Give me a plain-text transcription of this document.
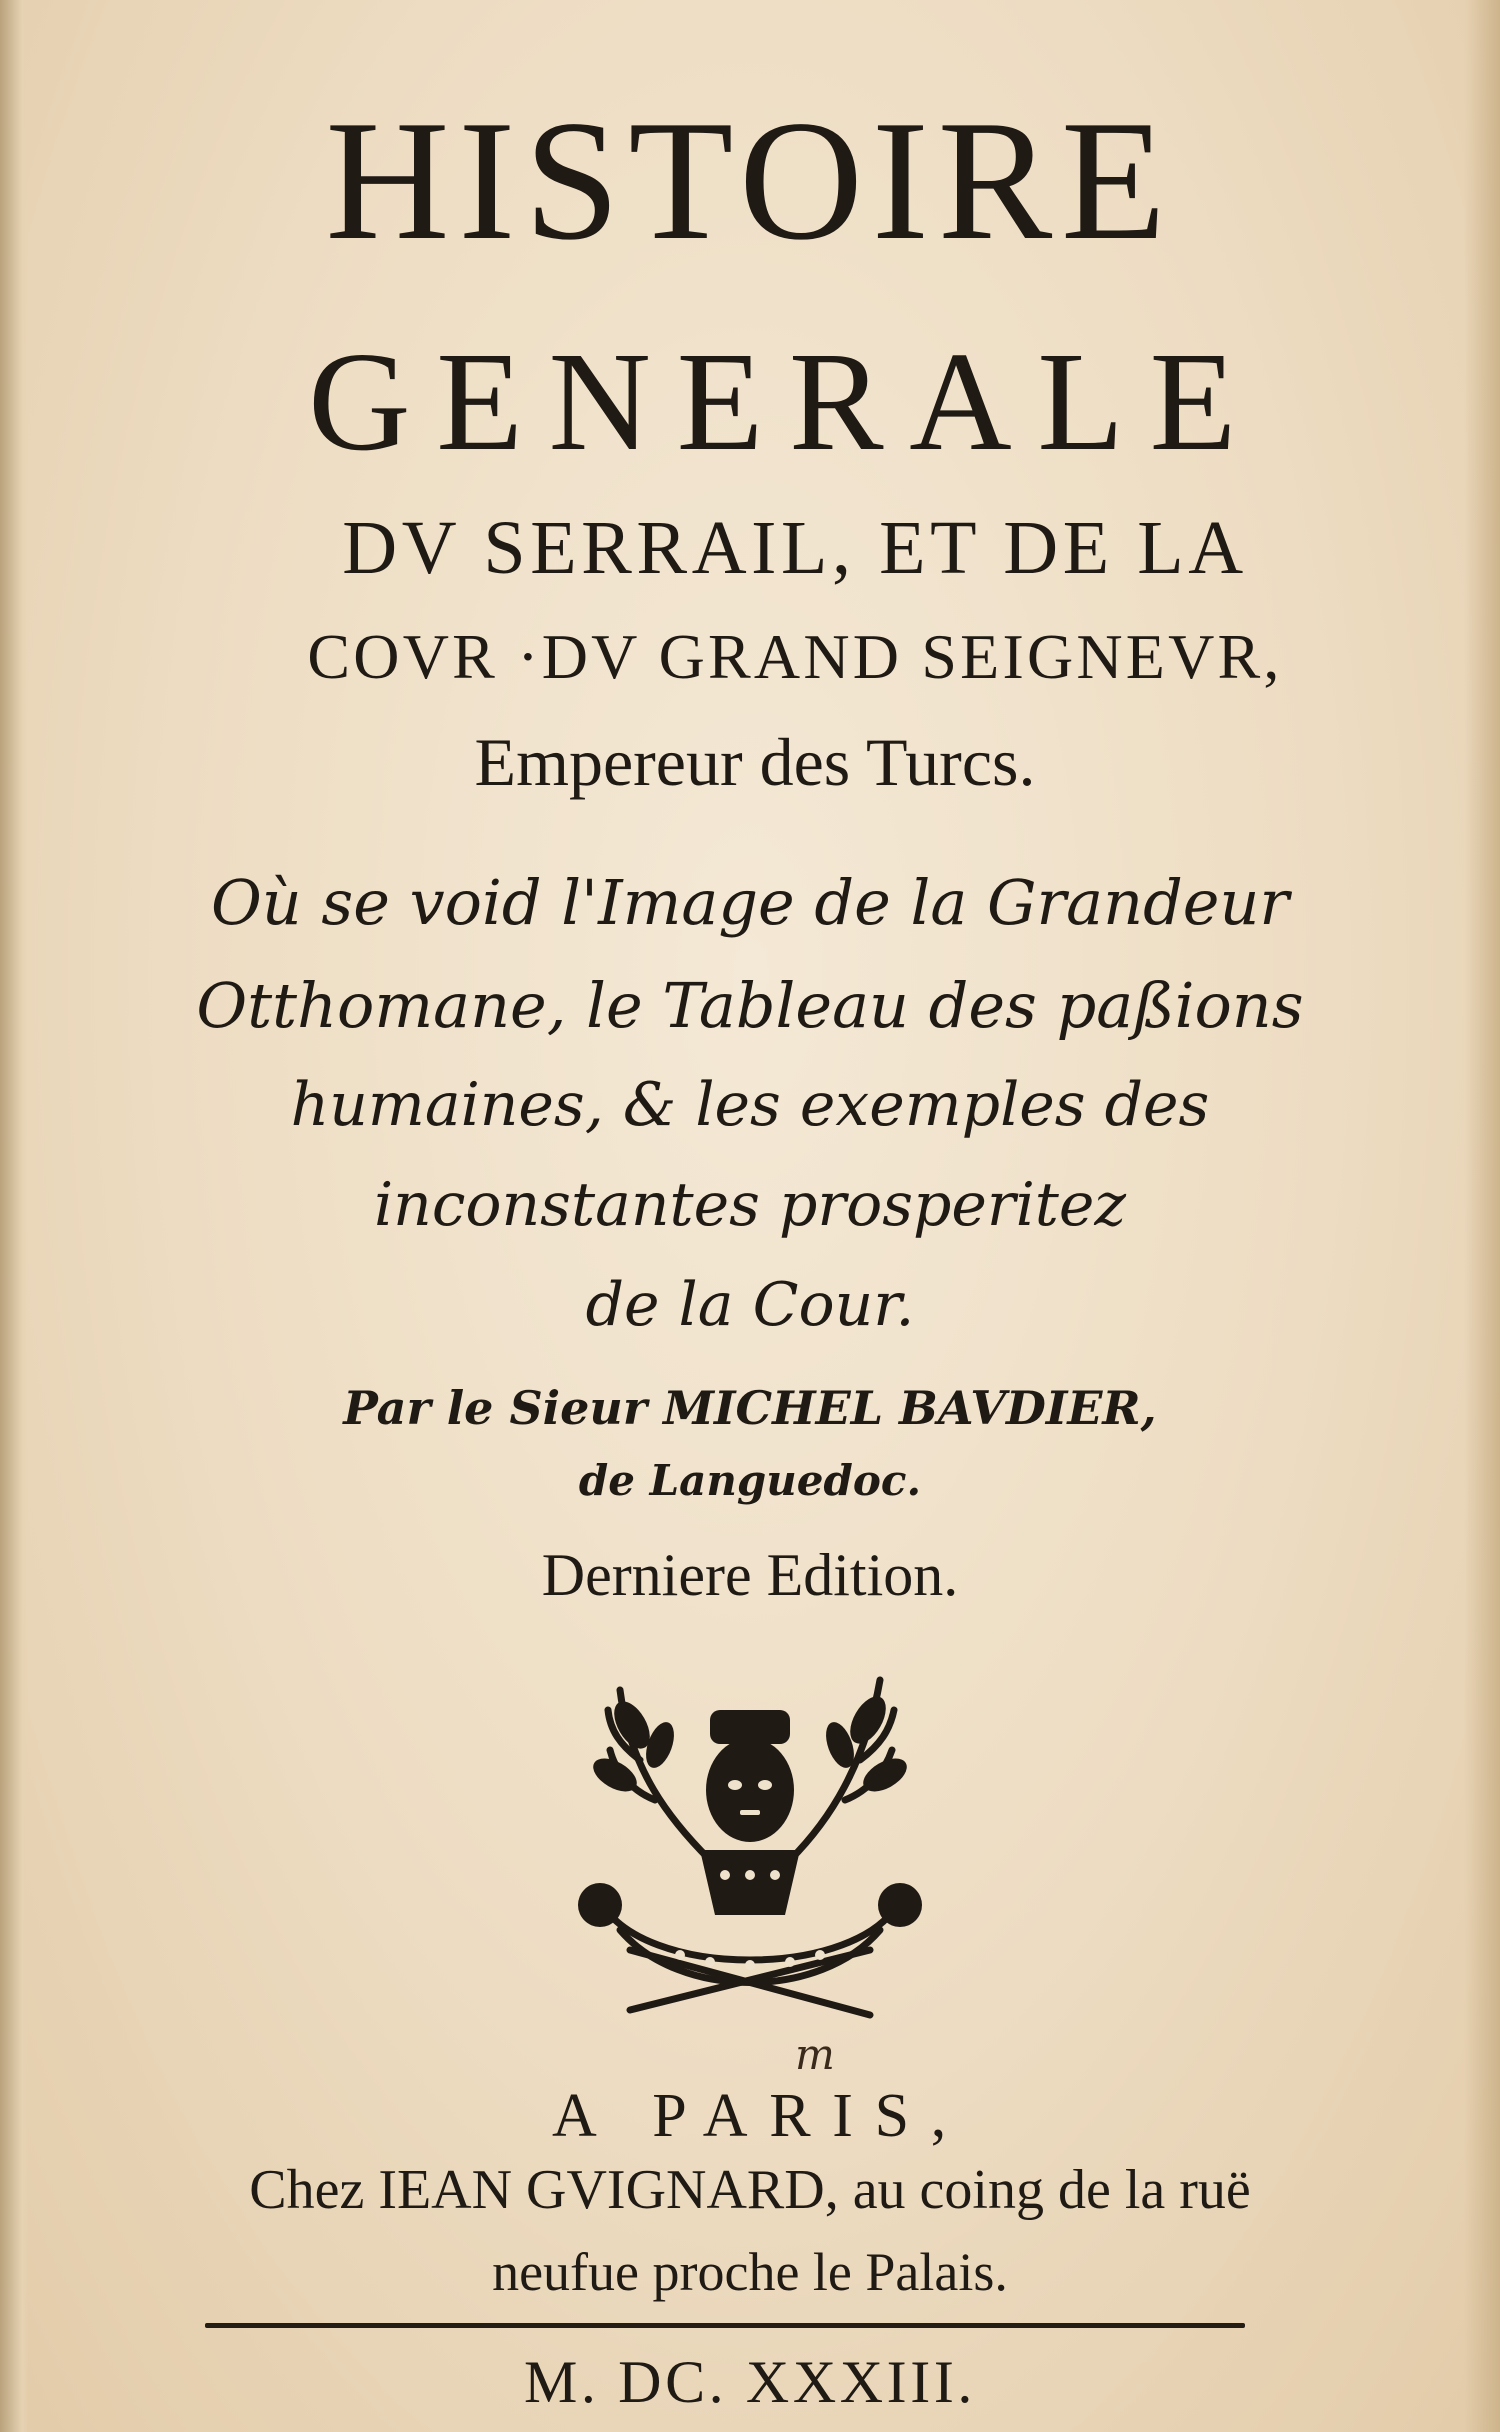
HISTOIRE
GENERALE
DV SERRAIL, ET DE LA
COVR ·DV GRAND SEIGNEVR,
Empereur des Turcs.
Où se void l'Image de la Grandeur
Otthomane, le Tableau des paßions
humaines, & les exemples des
inconstantes prosperitez
de la Cour.
Par le Sieur MICHEL BAVDIER,
de Languedoc.
Derniere Edition.
m
A PARIS,
Chez IEAN GVIGNARD, au coing de la ruë
neufue proche le Palais.
M. DC. XXXIII.
